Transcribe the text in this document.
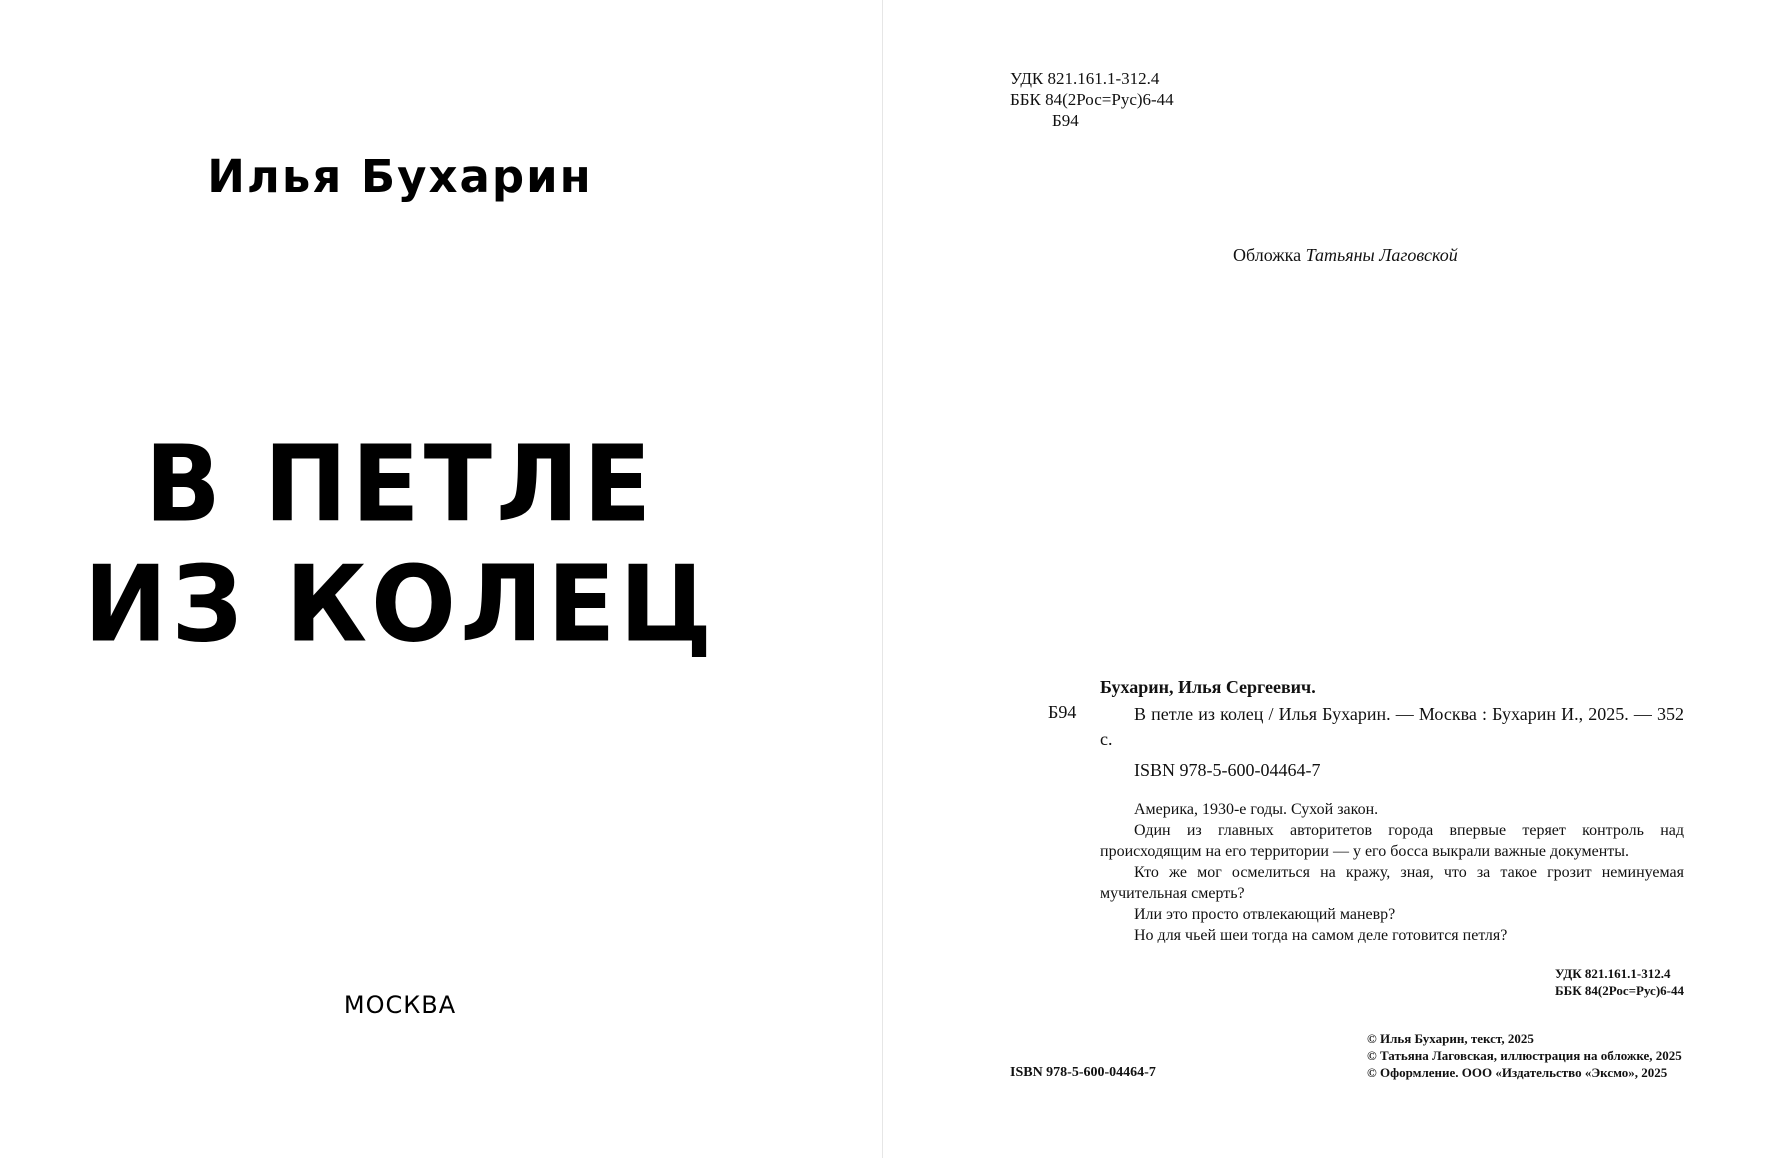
Илья Бухарин
В ПЕТЛЕ
ИЗ КОЛЕЦ
МОСКВА
УДК 821.161.1-312.4
ББК 84(2Рос=Рус)6-44
Б94
Обложка Татьяны Лаговской
Бухарин, Илья Сергеевич.
Б94	В петле из колец / Илья Бухарин. — Москва : Бухарин И., 2025. — 352 с.
ISBN 978-5-600-04464-7

Америка, 1930-е годы. Сухой закон.

Один из главных авторитетов города впервые теряет контроль над происходящим на его территории — у его босса выкрали важные документы.

Кто же мог осмелиться на кражу, зная, что за такое грозит неминуемая мучительная смерть?

Или это просто отвлекающий маневр?

Но для чьей шеи тогда на самом деле готовится петля?

УДК 821.161.1-312.4
ББК 84(2Рос=Рус)6-44
ISBN 978-5-600-04464-7
© Илья Бухарин, текст, 2025
© Татьяна Лаговская, иллюстрация на обложке, 2025
© Оформление. ООО «Издательство «Эксмо», 2025
